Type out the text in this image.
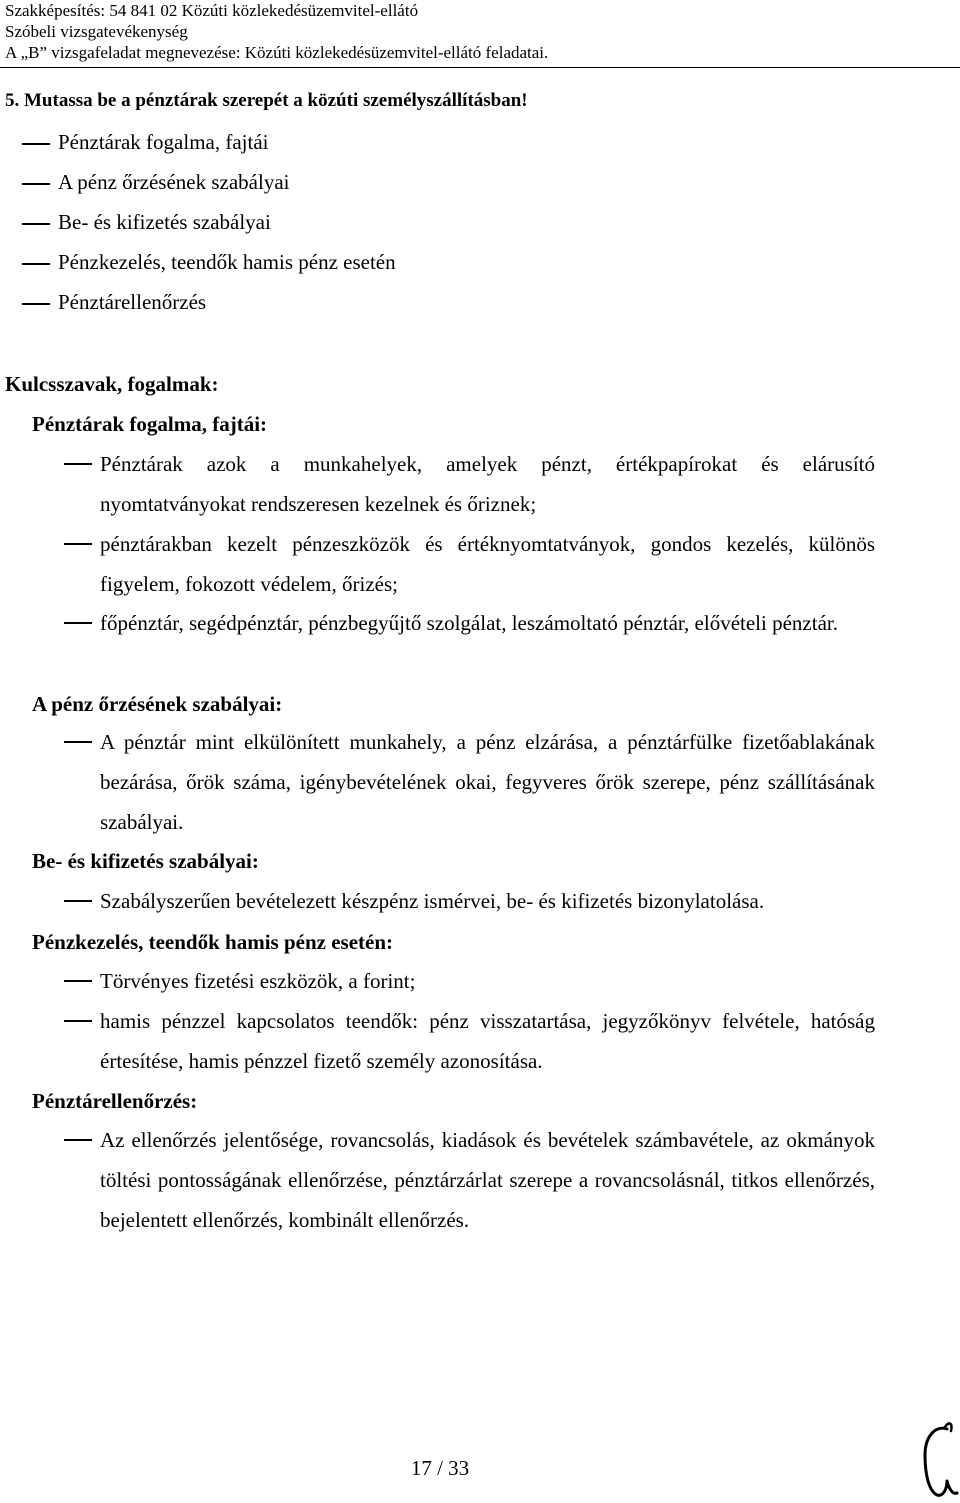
Szakképesítés: 54 841 02 Közúti közlekedésüzemvitel-ellátó
Szóbeli vizsgatevékenység
A „B” vizsgafeladat megnevezése: Közúti közlekedésüzemvitel-ellátó feladatai.
5. Mutassa be a pénztárak szerepét a közúti személyszállításban!
Pénztárak fogalma, fajtái
A pénz őrzésének szabályai
Be- és kifizetés szabályai
Pénzkezelés, teendők hamis pénz esetén
Pénztárellenőrzés
Kulcsszavak, fogalmak:
Pénztárak fogalma, fajtái:
Pénztárak azok a munkahelyek, amelyek pénzt, értékpapírokat és elárusító nyomtatványokat rendszeresen kezelnek és őriznek;
pénztárakban kezelt pénzeszközök és értéknyomtatványok, gondos kezelés, különös figyelem, fokozott védelem, őrizés;
főpénztár, segédpénztár, pénzbegyűjtő szolgálat, leszámoltató pénztár, elővételi pénztár.
A pénz őrzésének szabályai:
A pénztár mint elkülönített munkahely, a pénz elzárása, a pénztárfülke fizetőablakának bezárása, őrök száma, igénybevételének okai, fegyveres őrök szerepe, pénz szállításának szabályai.
Be- és kifizetés szabályai:
Szabályszerűen bevételezett készpénz ismérvei, be- és kifizetés bizonylatolása.
Pénzkezelés, teendők hamis pénz esetén:
Törvényes fizetési eszközök, a forint;
hamis pénzzel kapcsolatos teendők: pénz visszatartása, jegyzőkönyv felvétele, hatóság értesítése, hamis pénzzel fizető személy azonosítása.
Pénztárellenőrzés:
Az ellenőrzés jelentősége, rovancsolás, kiadások és bevételek számbavétele, az okmányok töltési pontosságának ellenőrzése, pénztárzárlat szerepe a rovancsolásnál, titkos ellenőrzés, bejelentett ellenőrzés, kombinált ellenőrzés.
17 / 33
